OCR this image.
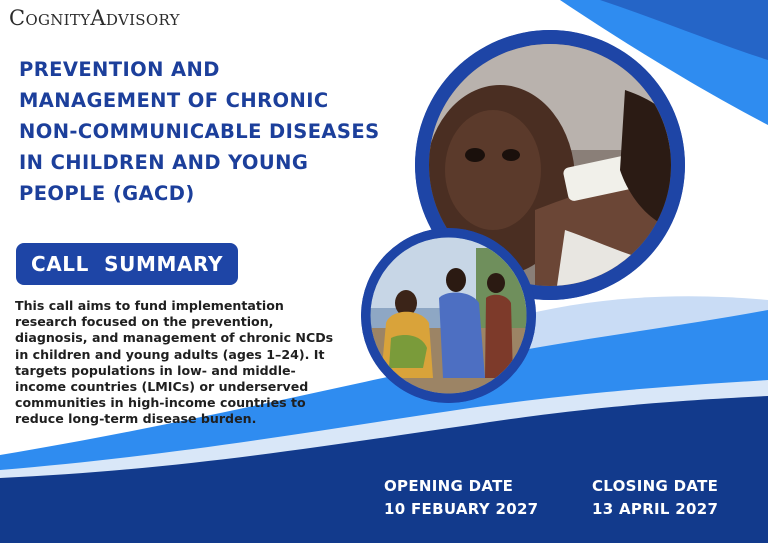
C OGNITY A DVISORY
PREVENTION AND
MANAGEMENT OF CHRONIC
NON-COMMUNICABLE DISEASES
IN CHILDREN AND YOUNG
PEOPLE (GACD)
CALL  SUMMARY

This call aims to fund implementation
research focused on the prevention,
diagnosis, and management of chronic NCDs
in children and young adults (ages 1–24). It
targets populations in low- and middle-
income countries (LMICs) or underserved
communities in high-income countries to
reduce long-term disease burden.

OPENING DATE
10 FEBUARY 2027
CLOSING DATE
13 APRIL 2027
